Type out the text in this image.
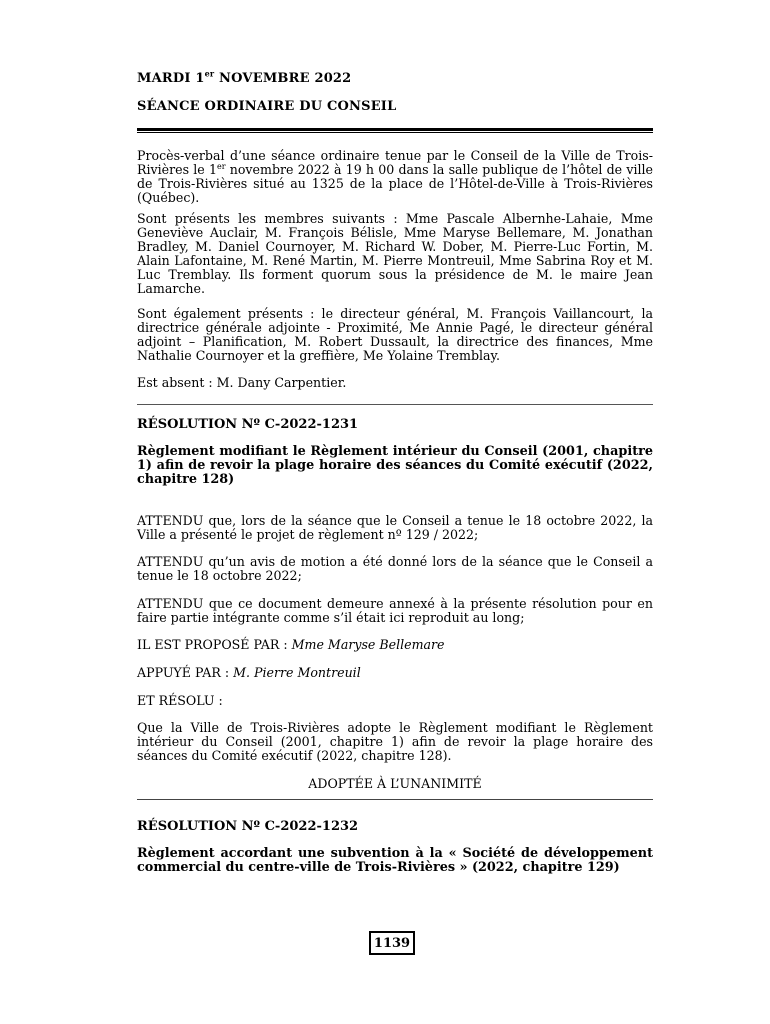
MARDI 1er NOVEMBRE 2022
SÉANCE ORDINAIRE DU CONSEIL

Procès-verbal d’une séance ordinaire tenue par le Conseil de la Ville de Trois-Rivières le 1er novembre 2022 à 19 h 00 dans la salle publique de l’hôtel de ville de Trois-Rivières situé au 1325 de la place de l’Hôtel-de-Ville à Trois-Rivières (Québec).

Sont présents les membres suivants : Mme Pascale Albernhe-Lahaie, Mme Geneviève Auclair, M. François Bélisle, Mme Maryse Bellemare, M. Jonathan Bradley, M. Daniel Cournoyer, M. Richard W. Dober, M. Pierre-Luc Fortin, M. Alain Lafontaine, M. René Martin, M. Pierre Montreuil, Mme Sabrina Roy et M. Luc Tremblay. Ils forment quorum sous la présidence de M. le maire Jean Lamarche.
Sont également présents : le directeur général, M. François Vaillancourt, la directrice générale adjointe - Proximité, Me Annie Pagé, le directeur général adjoint – Planification, M. Robert Dussault, la directrice des finances, Mme Nathalie Cournoyer et la greffière, Me Yolaine Tremblay.
Est absent : M. Dany Carpentier.
RÉSOLUTION Nº C-2022-1231
Règlement modifiant le Règlement intérieur du Conseil (2001, chapitre 1) afin de revoir la plage horaire des séances du Comité exécutif (2022, chapitre 128)
ATTENDU que, lors de la séance que le Conseil a tenue le 18 octobre 2022, la Ville a présenté le projet de règlement nº 129 / 2022;
ATTENDU qu’un avis de motion a été donné lors de la séance que le Conseil a tenue le 18 octobre 2022;
ATTENDU que ce document demeure annexé à la présente résolution pour en faire partie intégrante comme s’il était ici reproduit au long;
IL EST PROPOSÉ PAR : Mme Maryse Bellemare
APPUYÉ PAR : M. Pierre Montreuil
ET RÉSOLU :
Que la Ville de Trois-Rivières adopte le Règlement modifiant le Règlement intérieur du Conseil (2001, chapitre 1) afin de revoir la plage horaire des séances du Comité exécutif (2022, chapitre 128).
ADOPTÉE À L’UNANIMITÉ
RÉSOLUTION Nº C-2022-1232
Règlement accordant une subvention à la « Société de développement commercial du centre-ville de Trois-Rivières » (2022, chapitre 129)
1139
